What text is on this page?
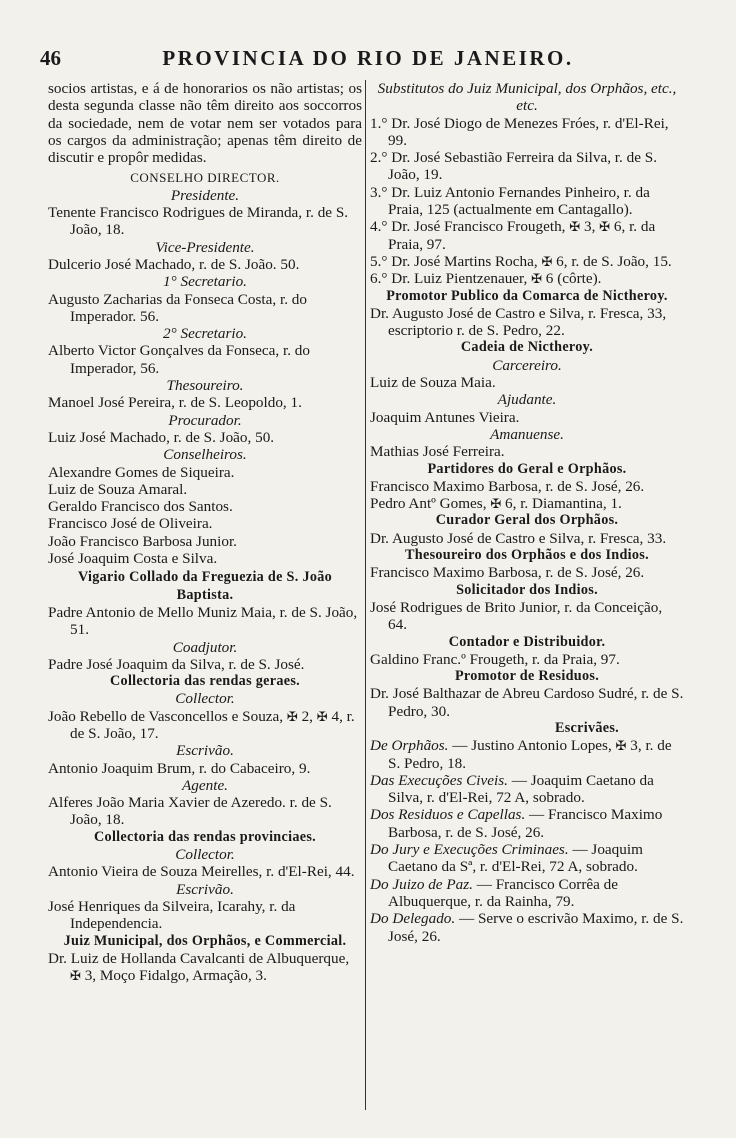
46	PROVINCIA DO RIO DE JANEIRO.

socios artistas, e á de honorarios os não artistas; os desta segunda classe não têm direito aos soccorros da sociedade, nem de votar nem ser votados para os cargos da administração; apenas têm direito de discutir e propôr medidas.

CONSELHO DIRECTOR.

Presidente.

Tenente Francisco Rodrigues de Miranda, r. de S. João, 18.

Vice-Presidente.

Dulcerio José Machado, r. de S. João. 50.

1° Secretario.

Augusto Zacharias da Fonseca Costa, r. do Imperador. 56.

2° Secretario.

Alberto Victor Gonçalves da Fonseca, r. do Imperador, 56.

Thesoureiro.

Manoel José Pereira, r. de S. Leopoldo, 1.

Procurador.

Luiz José Machado, r. de S. João, 50.

Conselheiros.

Alexandre Gomes de Siqueira.

Luiz de Souza Amaral.

Geraldo Francisco dos Santos.

Francisco José de Oliveira.

João Francisco Barbosa Junior.

José Joaquim Costa e Silva.

Vigario Collado da Freguezia de S. João Baptista.

Padre Antonio de Mello Muniz Maia, r. de S. João, 51.

Coadjutor.

Padre José Joaquim da Silva, r. de S. José.

Collectoria das rendas geraes.

Collector.

João Rebello de Vasconcellos e Souza, ✠ 2, ✠ 4, r. de S. João, 17.

Escrivão.

Antonio Joaquim Brum, r. do Cabaceiro, 9.

Agente.

Alferes João Maria Xavier de Azeredo. r. de S. João, 18.

Collectoria das rendas provinciaes.

Collector.

Antonio Vieira de Souza Meirelles, r. d'El-Rei, 44.

Escrivão.

José Henriques da Silveira, Icarahy, r. da Independencia.

Juiz Municipal, dos Orphãos, e Commercial.

Dr. Luiz de Hollanda Cavalcanti de Albuquerque, ✠ 3, Moço Fidalgo, Armação, 3.

Substitutos do Juiz Municipal, dos Orphãos, etc., etc.

1.° Dr. José Diogo de Menezes Fróes, r. d'El-Rei, 99.

2.° Dr. José Sebastião Ferreira da Silva, r. de S. João, 19.

3.° Dr. Luiz Antonio Fernandes Pinheiro, r. da Praia, 125 (actualmente em Cantagallo).

4.° Dr. José Francisco Frougeth, ✠ 3, ✠ 6, r. da Praia, 97.

5.° Dr. José Martins Rocha, ✠ 6, r. de S. João, 15.

6.° Dr. Luiz Pientzenauer, ✠ 6 (côrte).

Promotor Publico da Comarca de Nictheroy.

Dr. Augusto José de Castro e Silva, r. Fresca, 33, escriptorio r. de S. Pedro, 22.

Cadeia de Nictheroy.

Carcereiro.

Luiz de Souza Maia.

Ajudante.

Joaquim Antunes Vieira.

Amanuense.

Mathias José Ferreira.

Partidores do Geral e Orphãos.

Francisco Maximo Barbosa, r. de S. José, 26.

Pedro Antº Gomes, ✠ 6, r. Diamantina, 1.

Curador Geral dos Orphãos.

Dr. Augusto José de Castro e Silva, r. Fresca, 33.

Thesoureiro dos Orphãos e dos Indios.

Francisco Maximo Barbosa, r. de S. José, 26.

Solicitador dos Indios.

José Rodrigues de Brito Junior, r. da Conceição, 64.

Contador e Distribuidor.

Galdino Franc.º Frougeth, r. da Praia, 97.

Promotor de Residuos.

Dr. José Balthazar de Abreu Cardoso Sudré, r. de S. Pedro, 30.

Escrivães.

De Orphãos. — Justino Antonio Lopes, ✠ 3, r. de S. Pedro, 18.

Das Execuções Civeis. — Joaquim Caetano da Silva, r. d'El-Rei, 72 A, sobrado.

Dos Residuos e Capellas. — Francisco Maximo Barbosa, r. de S. José, 26.

Do Jury e Execuções Criminaes. — Joaquim Caetano da Sª, r. d'El-Rei, 72 A, sobrado.

Do Juizo de Paz. — Francisco Corrêa de Albuquerque, r. da Rainha, 79.

Do Delegado. — Serve o escrivão Maximo, r. de S. José, 26.
